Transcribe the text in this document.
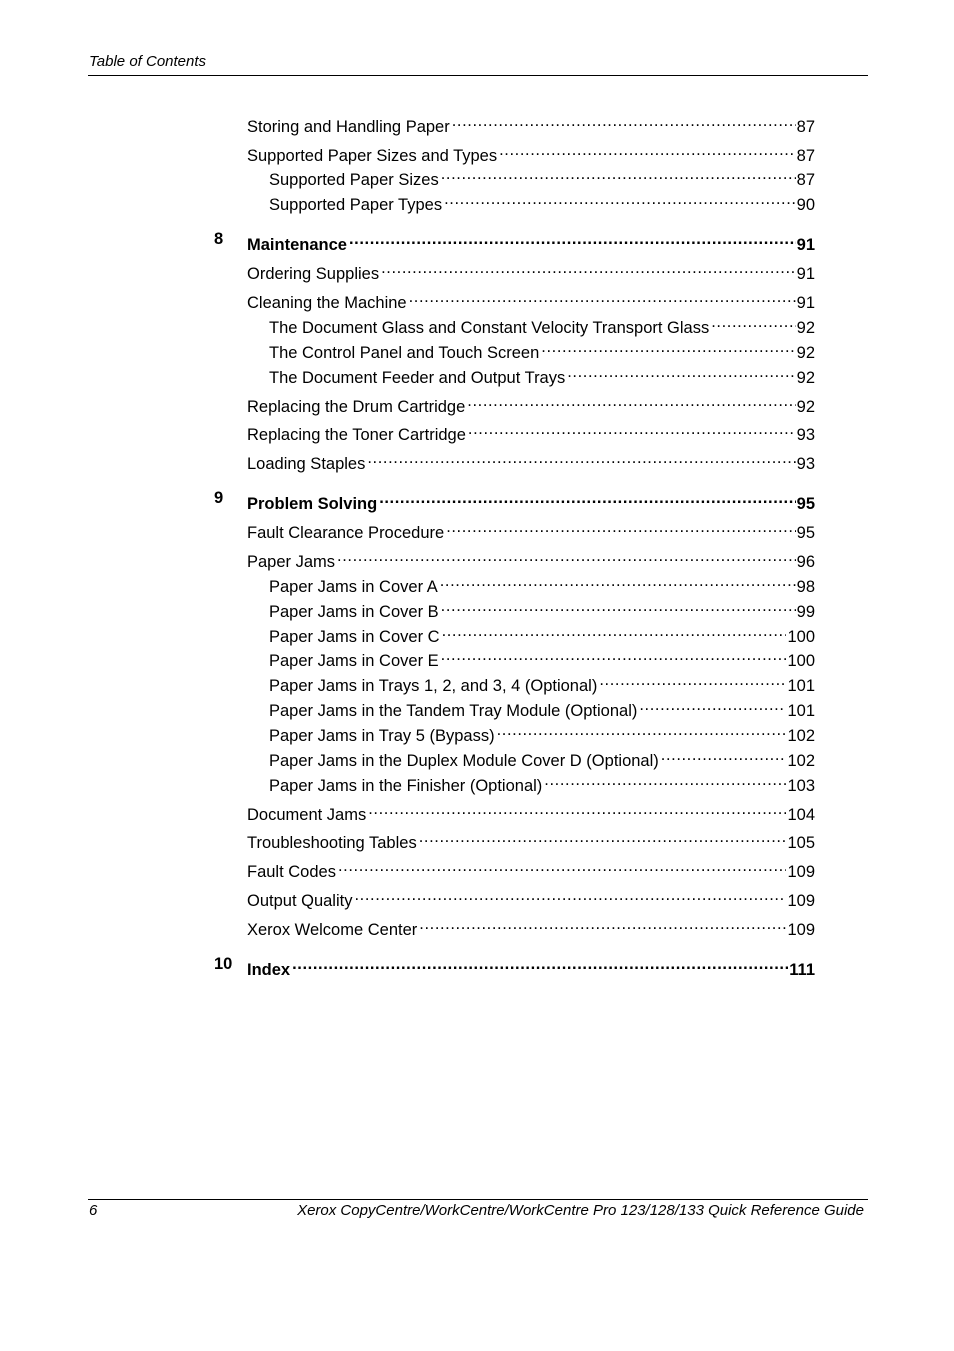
Table of Contents
Storing and Handling Paper .....	87
Supported Paper Sizes and Types .....	87
Supported Paper Sizes .....	87
Supported Paper Types .....	90
8 Maintenance .....	91
Ordering Supplies .....	91
Cleaning the Machine .....	91
The Document Glass and Constant Velocity Transport Glass .....	92
The Control Panel and Touch Screen .....	92
The Document Feeder and Output Trays .....	92
Replacing the Drum Cartridge .....	92
Replacing the Toner Cartridge .....	93
Loading Staples .....	93
9 Problem Solving .....	95
Fault Clearance Procedure .....	95
Paper Jams .....	96
Paper Jams in Cover A .....	98
Paper Jams in Cover B .....	99
Paper Jams in Cover C .....	100
Paper Jams in Cover E .....	100
Paper Jams in Trays 1, 2, and 3, 4 (Optional) .....	101
Paper Jams in the Tandem Tray Module (Optional) .....	101
Paper Jams in Tray 5 (Bypass) .....	102
Paper Jams in the Duplex Module Cover D (Optional) .....	102
Paper Jams in the Finisher (Optional) .....	103
Document Jams .....	104
Troubleshooting Tables .....	105
Fault Codes .....	109
Output Quality .....	109
Xerox Welcome Center .....	109
10 Index .....	111
6	Xerox CopyCentre/WorkCentre/WorkCentre Pro 123/128/133 Quick Reference Guide
